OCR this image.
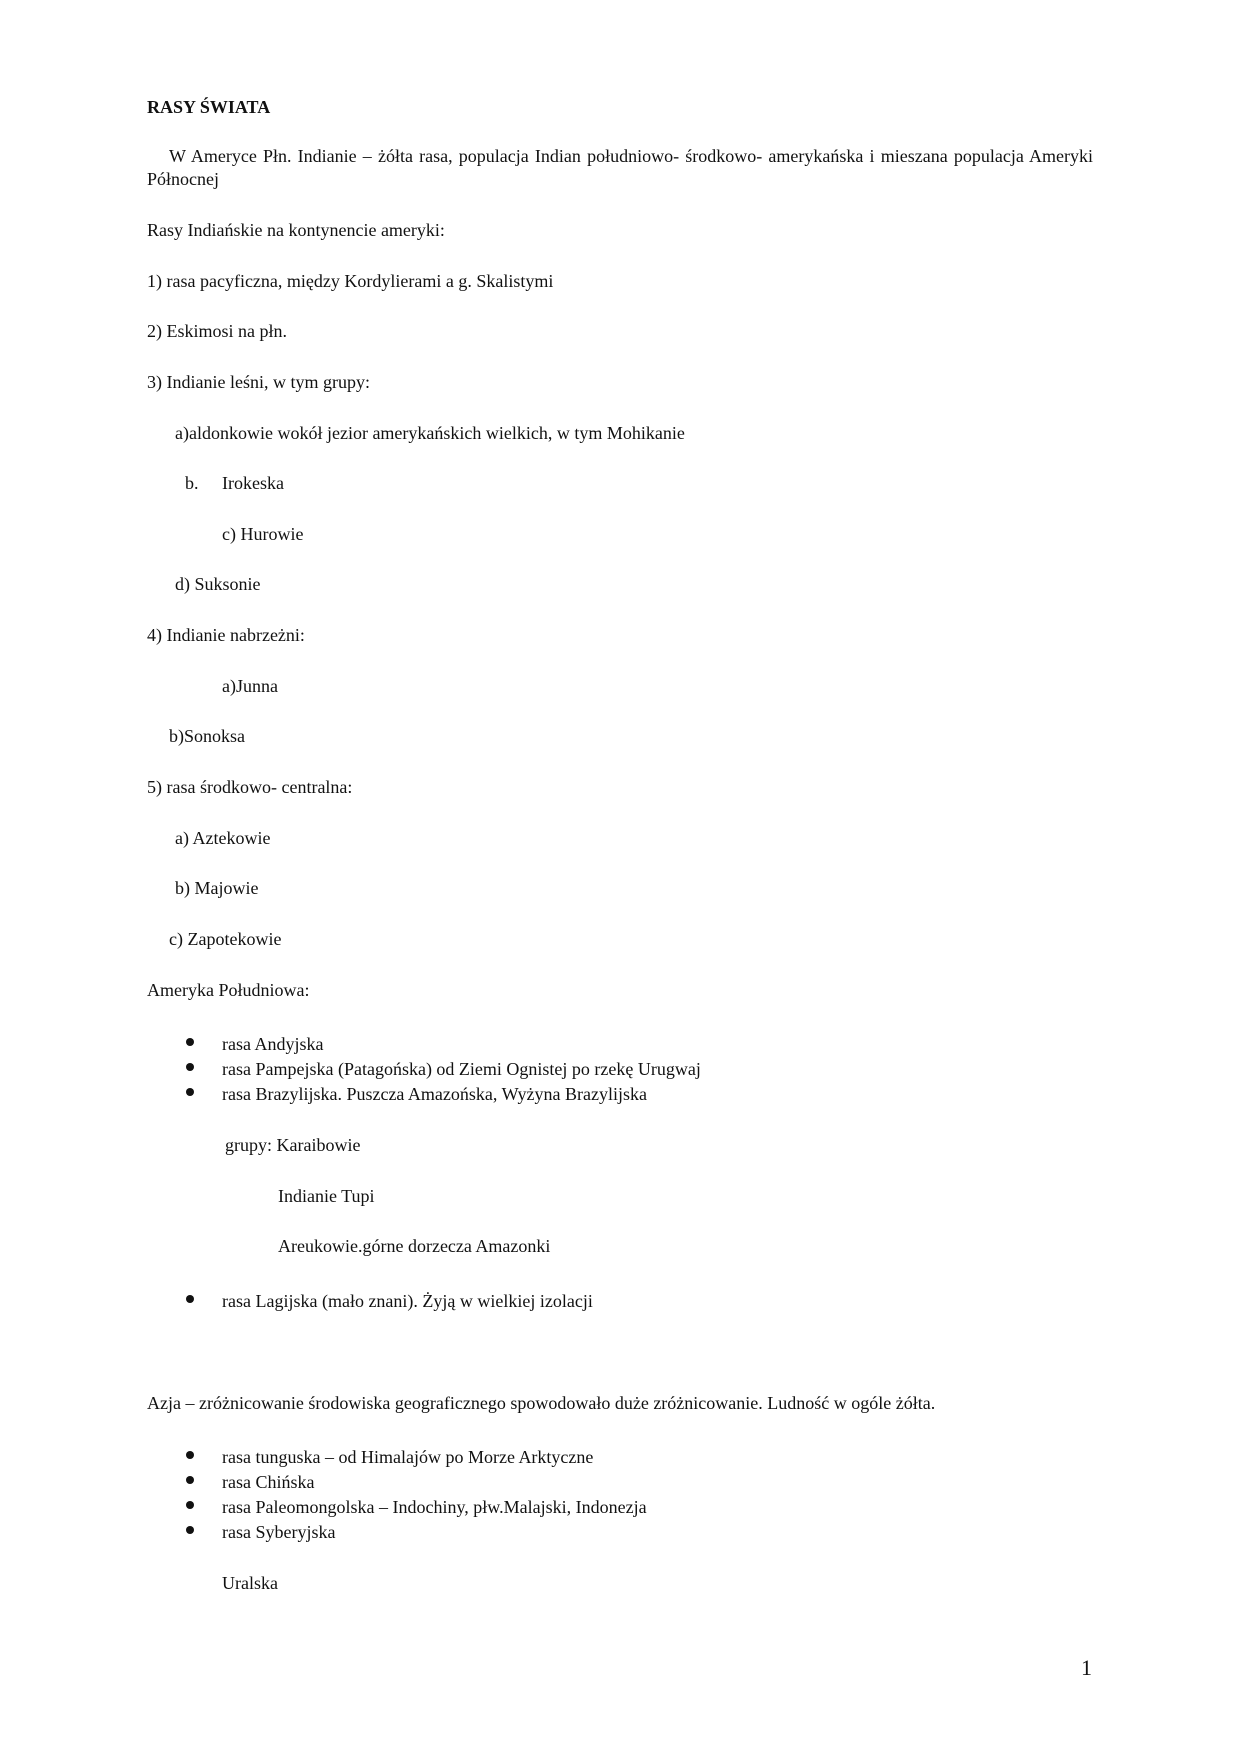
RASY ŚWIATA
W Ameryce Płn. Indianie – żółta rasa, populacja Indian południowo- środkowo- amerykańska i mieszana populacja Ameryki Północnej
Rasy Indiańskie na kontynencie ameryki:
1) rasa pacyficzna, między Kordylierami a g. Skalistymi
2) Eskimosi na płn.
3) Indianie leśni, w tym grupy:
a)aldonkowie wokół jezior amerykańskich wielkich, w tym Mohikanie
b. Irokeska
c) Hurowie
d) Suksonie
4) Indianie nabrzeżni:
a)Junna
b)Sonoksa
5) rasa środkowo- centralna:
a) Aztekowie
b) Majowie
c) Zapotekowie
Ameryka Południowa:
rasa Andyjska
rasa Pampejska (Patagońska) od Ziemi Ognistej po rzekę Urugwaj
rasa Brazylijska. Puszcza Amazońska, Wyżyna Brazylijska
grupy: Karaibowie
Indianie Tupi
Areukowie.górne dorzecza Amazonki
rasa Lagijska (mało znani). Żyją w wielkiej izolacji
Azja – zróżnicowanie środowiska geograficznego spowodowało duże zróżnicowanie. Ludność w ogóle żółta.
rasa tunguska – od Himalajów po Morze Arktyczne
rasa Chińska
rasa Paleomongolska – Indochiny, płw.Malajski, Indonezja
rasa Syberyjska
Uralska
1
